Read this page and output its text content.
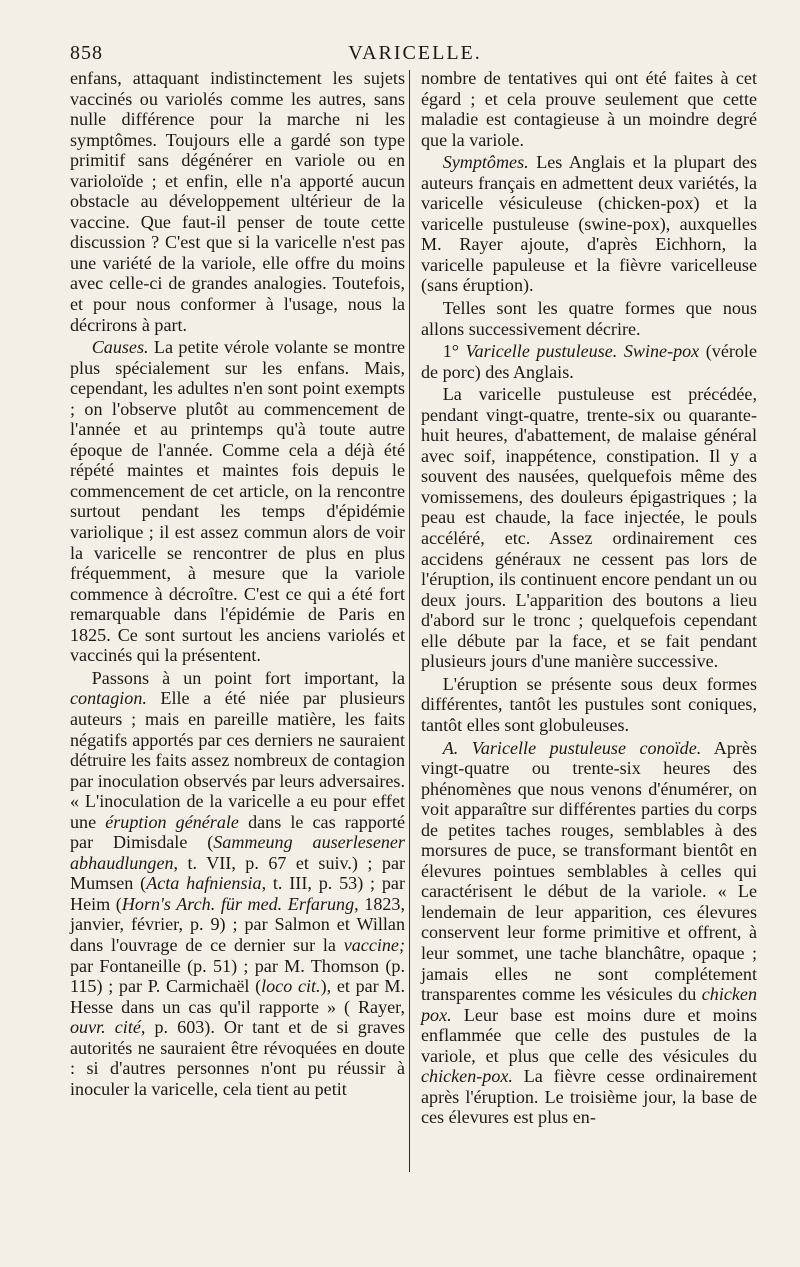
858	VARICELLE.

enfans, attaquant indistinctement les sujets vaccinés ou variolés comme les autres, sans nulle différence pour la marche ni les symptômes. Toujours elle a gardé son type primitif sans dégénérer en variole ou en varioloïde ; et enfin, elle n'a apporté aucun obstacle au développement ultérieur de la vaccine. Que faut-il penser de toute cette discussion ? C'est que si la varicelle n'est pas une variété de la variole, elle offre du moins avec celle-ci de grandes analogies. Toutefois, et pour nous conformer à l'usage, nous la décrirons à part.

Causes. La petite vérole volante se montre plus spécialement sur les enfans. Mais, cependant, les adultes n'en sont point exempts ; on l'observe plutôt au commencement de l'année et au printemps qu'à toute autre époque de l'année. Comme cela a déjà été répété maintes et maintes fois depuis le commencement de cet article, on la rencontre surtout pendant les temps d'épidémie variolique ; il est assez commun alors de voir la varicelle se rencontrer de plus en plus fréquemment, à mesure que la variole commence à décroître. C'est ce qui a été fort remarquable dans l'épidémie de Paris en 1825. Ce sont surtout les anciens variolés et vaccinés qui la présentent.

Passons à un point fort important, la contagion. Elle a été niée par plusieurs auteurs ; mais en pareille matière, les faits négatifs apportés par ces derniers ne sauraient détruire les faits assez nombreux de contagion par inoculation observés par leurs adversaires. « L'inoculation de la varicelle a eu pour effet une éruption générale dans le cas rapporté par Dimisdale (Sammeung auserlesener abhaudlungen, t. VII, p. 67 et suiv.) ; par Mumsen (Acta hafniensia, t. III, p. 53) ; par Heim (Horn's Arch. für med. Erfarung, 1823, janvier, février, p. 9) ; par Salmon et Willan dans l'ouvrage de ce dernier sur la vaccine; par Fontaneille (p. 51) ; par M. Thomson (p. 115) ; par P. Carmichaël (loco cit.), et par M. Hesse dans un cas qu'il rapporte » ( Rayer, ouvr. cité, p. 603). Or tant et de si graves autorités ne sauraient être révoquées en doute : si d'autres personnes n'ont pu réussir à inoculer la varicelle, cela tient au petit

nombre de tentatives qui ont été faites à cet égard ; et cela prouve seulement que cette maladie est contagieuse à un moindre degré que la variole.

Symptômes. Les Anglais et la plupart des auteurs français en admettent deux variétés, la varicelle vésiculeuse (chicken-pox) et la varicelle pustuleuse (swine-pox), auxquelles M. Rayer ajoute, d'après Eichhorn, la varicelle papuleuse et la fièvre varicelleuse (sans éruption).

Telles sont les quatre formes que nous allons successivement décrire.

1° Varicelle pustuleuse. Swine-pox (vérole de porc) des Anglais.

La varicelle pustuleuse est précédée, pendant vingt-quatre, trente-six ou quarante-huit heures, d'abattement, de malaise général avec soif, inappétence, constipation. Il y a souvent des nausées, quelquefois même des vomissemens, des douleurs épigastriques ; la peau est chaude, la face injectée, le pouls accéléré, etc. Assez ordinairement ces accidens généraux ne cessent pas lors de l'éruption, ils continuent encore pendant un ou deux jours. L'apparition des boutons a lieu d'abord sur le tronc ; quelquefois cependant elle débute par la face, et se fait pendant plusieurs jours d'une manière successive.

L'éruption se présente sous deux formes différentes, tantôt les pustules sont coniques, tantôt elles sont globuleuses.

A. Varicelle pustuleuse conoïde. Après vingt-quatre ou trente-six heures des phénomènes que nous venons d'énumérer, on voit apparaître sur différentes parties du corps de petites taches rouges, semblables à des morsures de puce, se transformant bientôt en élevures pointues semblables à celles qui caractérisent le début de la variole. « Le lendemain de leur apparition, ces élevures conservent leur forme primitive et offrent, à leur sommet, une tache blanchâtre, opaque ; jamais elles ne sont complétement transparentes comme les vésicules du chicken pox. Leur base est moins dure et moins enflammée que celle des pustules de la variole, et plus que celle des vésicules du chicken-pox. La fièvre cesse ordinairement après l'éruption. Le troisième jour, la base de ces élevures est plus en-
